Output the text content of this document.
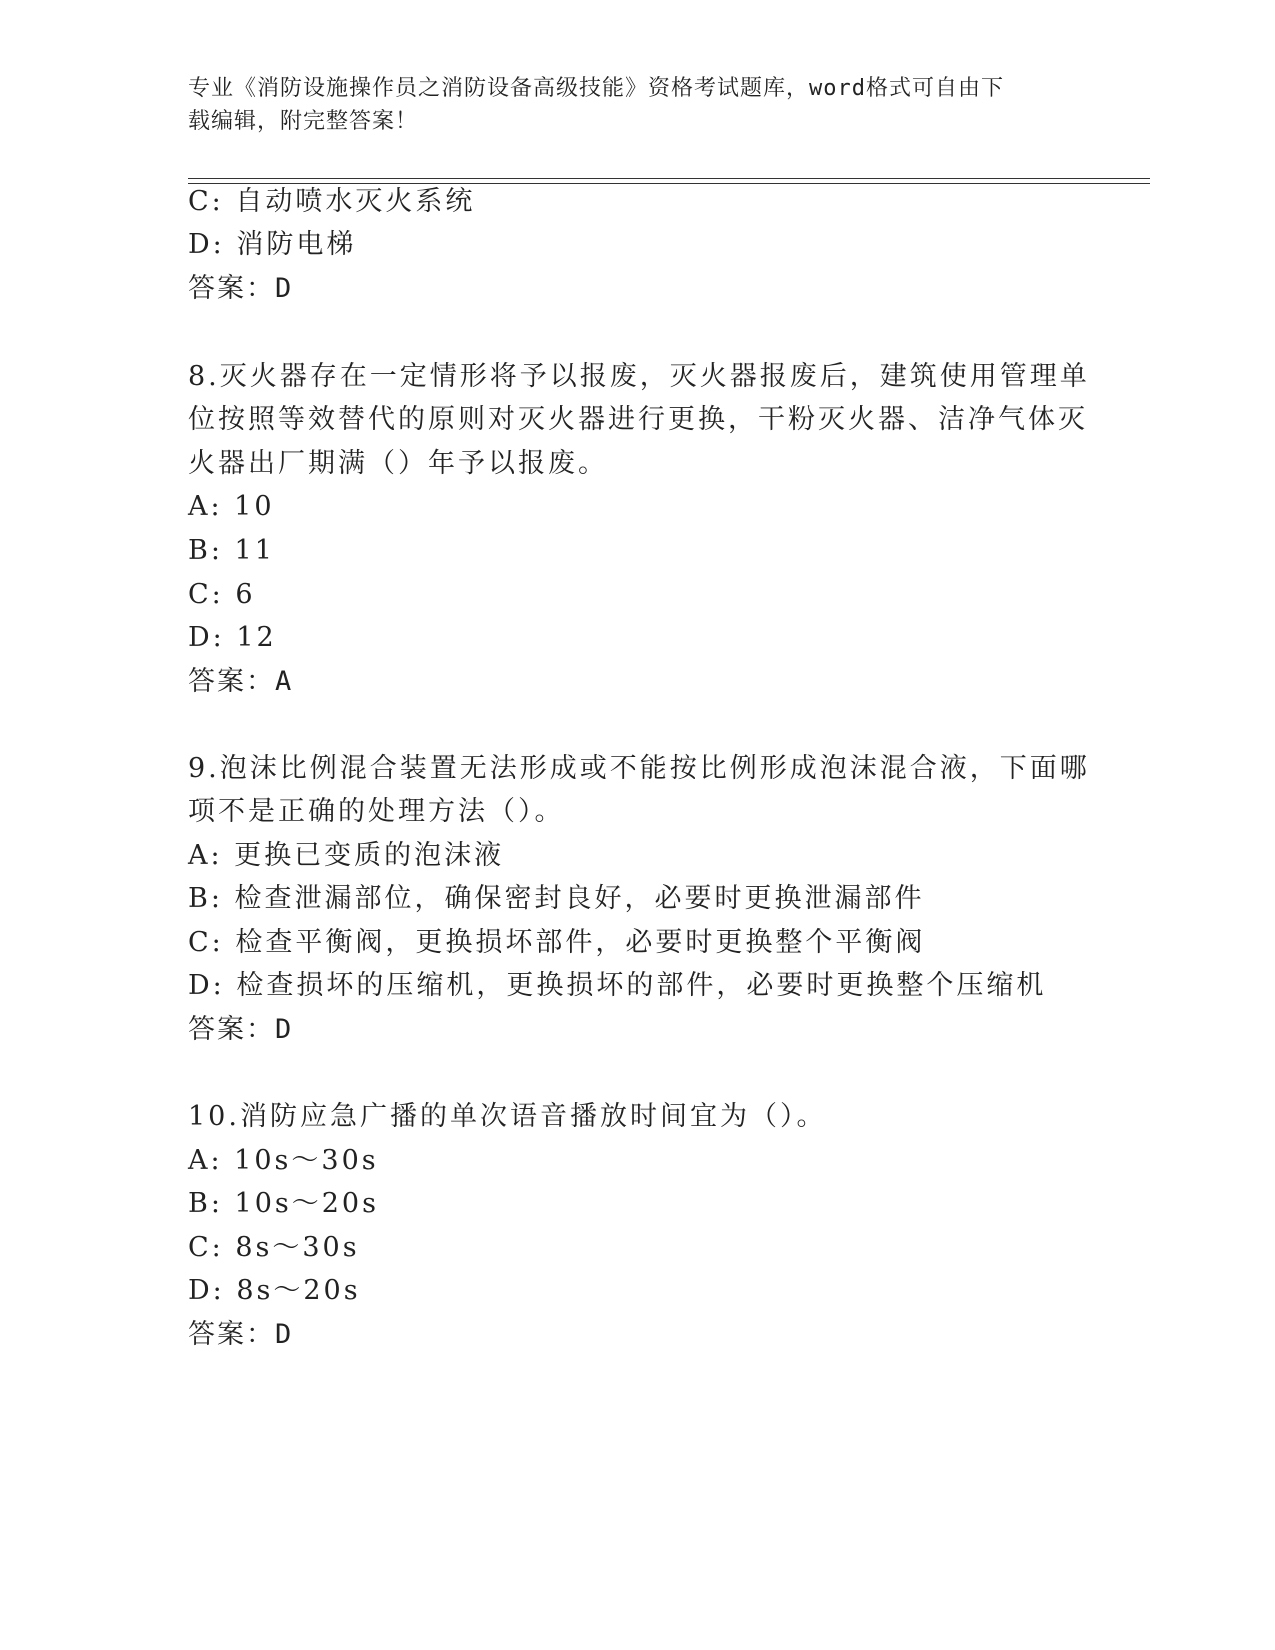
专业《消防设施操作员之消防设备高级技能》资格考试题库，word格式可自由下
载编辑，附完整答案！
C: 自动喷水灭火系统
D: 消防电梯
答案：D
8.灭火器存在一定情形将予以报废，灭火器报废后，建筑使用管理单
位按照等效替代的原则对灭火器进行更换，干粉灭火器、洁净气体灭
火器出厂期满（）年予以报废。
A: 10
B: 11
C: 6
D: 12
答案：A
9.泡沫比例混合装置无法形成或不能按比例形成泡沫混合液，下面哪
项不是正确的处理方法（）。
A: 更换已变质的泡沫液
B: 检查泄漏部位，确保密封良好，必要时更换泄漏部件
C: 检查平衡阀，更换损坏部件，必要时更换整个平衡阀
D: 检查损坏的压缩机，更换损坏的部件，必要时更换整个压缩机
答案：D
10.消防应急广播的单次语音播放时间宜为（）。
A: 10s～30s
B: 10s～20s
C: 8s～30s
D: 8s～20s
答案：D
